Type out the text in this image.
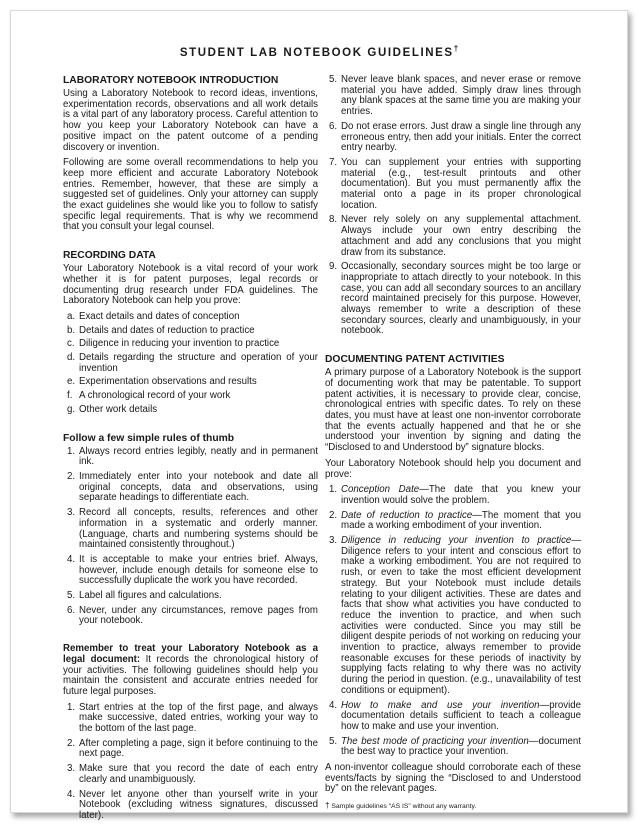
STUDENT LAB NOTEBOOK GUIDELINES†
LABORATORY NOTEBOOK INTRODUCTION

Using a Laboratory Notebook to record ideas, inventions, experimentation records, observations and all work details is a vital part of any laboratory process. Careful attention to how you keep your Laboratory Notebook can have a positive impact on the patent outcome of a pending discovery or invention.

Following are some overall recommendations to help you keep more efficient and accurate Laboratory Notebook entries. Remember, however, that these are simply a suggested set of guidelines. Only your attorney can supply the exact guidelines she would like you to follow to satisfy specific legal requirements. That is why we recommend that you consult your legal counsel.

RECORDING DATA

Your Laboratory Notebook is a vital record of your work whether it is for patent purposes, legal records or documenting drug research under FDA guidelines. The Laboratory Notebook can help you prove:

a. Exact details and dates of conception
b. Details and dates of reduction to practice
c. Diligence in reducing your invention to practice
d. Details regarding the structure and operation of your invention
e. Experimentation observations and results
f. A chronological record of your work
g. Other work details
Follow a few simple rules of thumb
1. Always record entries legibly, neatly and in permanent ink.
2. Immediately enter into your notebook and date all original concepts, data and observations, using separate headings to differentiate each.
3. Record all concepts, results, references and other information in a systematic and orderly manner. (Language, charts and numbering systems should be maintained consistently throughout.)
4. It is acceptable to make your entries brief. Always, however, include enough details for someone else to successfully duplicate the work you have recorded.
5. Label all figures and calculations.
6. Never, under any circumstances, remove pages from your notebook.

Remember to treat your Laboratory Notebook as a legal document: It records the chronological history of your activities. The following guidelines should help you maintain the consistent and accurate entries needed for future legal purposes.

1. Start entries at the top of the first page, and always make successive, dated entries, working your way to the bottom of the last page.
2. After completing a page, sign it before continuing to the next page.
3. Make sure that you record the date of each entry clearly and unambiguously.
4. Never let anyone other than yourself write in your Notebook (excluding witness signatures, discussed later).
5. Never leave blank spaces, and never erase or remove material you have added. Simply draw lines through any blank spaces at the same time you are making your entries.
6. Do not erase errors. Just draw a single line through any erroneous entry, then add your initials. Enter the correct entry nearby.
7. You can supplement your entries with supporting material (e.g., test-result printouts and other documentation). But you must permanently affix the material onto a page in its proper chronological location.
8. Never rely solely on any supplemental attachment. Always include your own entry describing the attachment and add any conclusions that you might draw from its substance.
9. Occasionally, secondary sources might be too large or inappropriate to attach directly to your notebook. In this case, you can add all secondary sources to an ancillary record maintained precisely for this purpose. However, always remember to write a description of these secondary sources, clearly and unambiguously, in your notebook.
DOCUMENTING PATENT ACTIVITIES

A primary purpose of a Laboratory Notebook is the support of documenting work that may be patentable. To support patent activities, it is necessary to provide clear, concise, chronological entries with specific dates. To rely on these dates, you must have at least one non-inventor corroborate that the events actually happened and that he or she understood your invention by signing and dating the “Disclosed to and Understood by” signature blocks.

Your Laboratory Notebook should help you document and prove:

1. Conception Date—The date that you knew your invention would solve the problem.
2. Date of reduction to practice—The moment that you made a working embodiment of your invention.
3. Diligence in reducing your invention to practice—Diligence refers to your intent and conscious effort to make a working embodiment. You are not required to rush, or even to take the most efficient development strategy. But your Notebook must include details relating to your diligent activities. These are dates and facts that show what activities you have conducted to reduce the invention to practice, and when such activities were conducted. Since you may still be diligent despite periods of not working on reducing your invention to practice, always remember to provide reasonable excuses for these periods of inactivity by supplying facts relating to why there was no activity during the period in question. (e.g., unavailability of test conditions or equipment).
4. How to make and use your invention—provide documentation details sufficient to teach a colleague how to make and use your invention.
5. The best mode of practicing your invention—document the best way to practice your invention.

A non-inventor colleague should corroborate each of these events/facts by signing the “Disclosed to and Understood by” on the relevant pages.

† Sample guidelines “AS IS” without any warranty.
